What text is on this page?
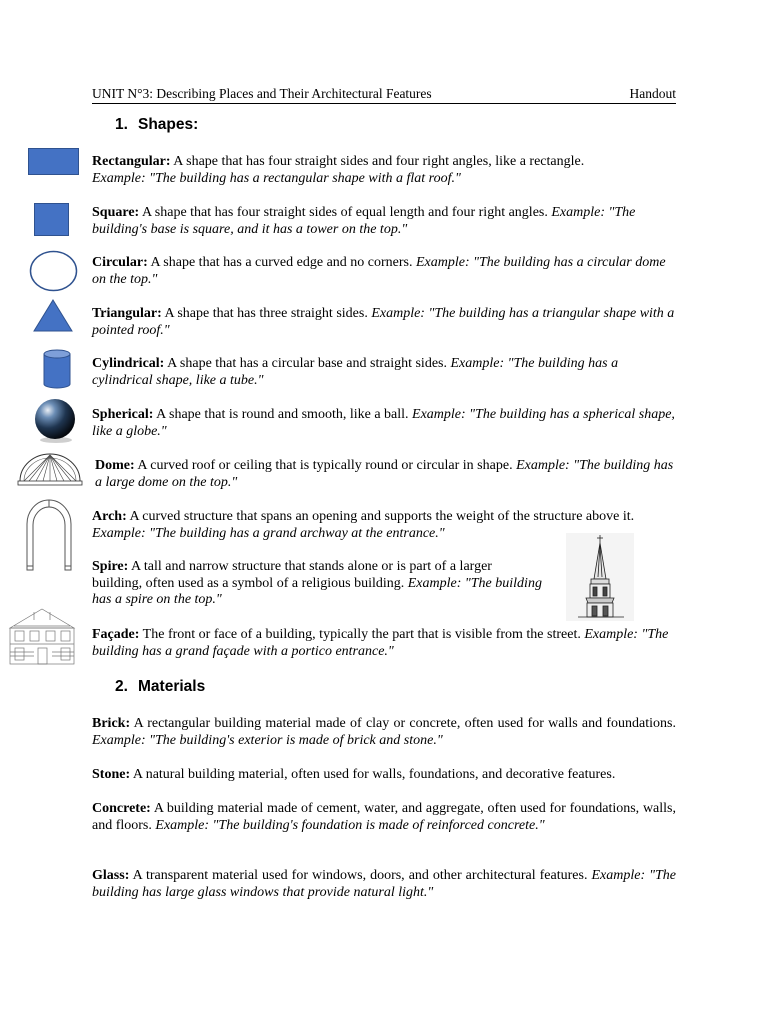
UNIT N°3: Describing Places and Their Architectural Features	Handout
1. Shapes:
Rectangular: A shape that has four straight sides and four right angles, like a rectangle.
Example: "The building has a rectangular shape with a flat roof."
Square: A shape that has four straight sides of equal length and four right angles. Example: "The building's base is square, and it has a tower on the top."
Circular: A shape that has a curved edge and no corners. Example: "The building has a circular dome on the top."
Triangular: A shape that has three straight sides. Example: "The building has a triangular shape with a pointed roof."
Cylindrical: A shape that has a circular base and straight sides. Example: "The building has a cylindrical shape, like a tube."
Spherical: A shape that is round and smooth, like a ball. Example: "The building has a spherical shape, like a globe."
Dome: A curved roof or ceiling that is typically round or circular in shape. Example: "The building has a large dome on the top."
Arch: A curved structure that spans an opening and supports the weight of the structure above it. Example: "The building has a grand archway at the entrance."
Spire: A tall and narrow structure that stands alone or is part of a larger building, often used as a symbol of a religious building. Example: "The building has a spire on the top."
Façade: The front or face of a building, typically the part that is visible from the street. Example: "The building has a grand façade with a portico entrance."
2. Materials
Brick: A rectangular building material made of clay or concrete, often used for walls and foundations. Example: "The building's exterior is made of brick and stone."
Stone: A natural building material, often used for walls, foundations, and decorative features.
Concrete: A building material made of cement, water, and aggregate, often used for foundations, walls, and floors. Example: "The building's foundation is made of reinforced concrete."
Glass: A transparent material used for windows, doors, and other architectural features. Example: "The building has large glass windows that provide natural light."
